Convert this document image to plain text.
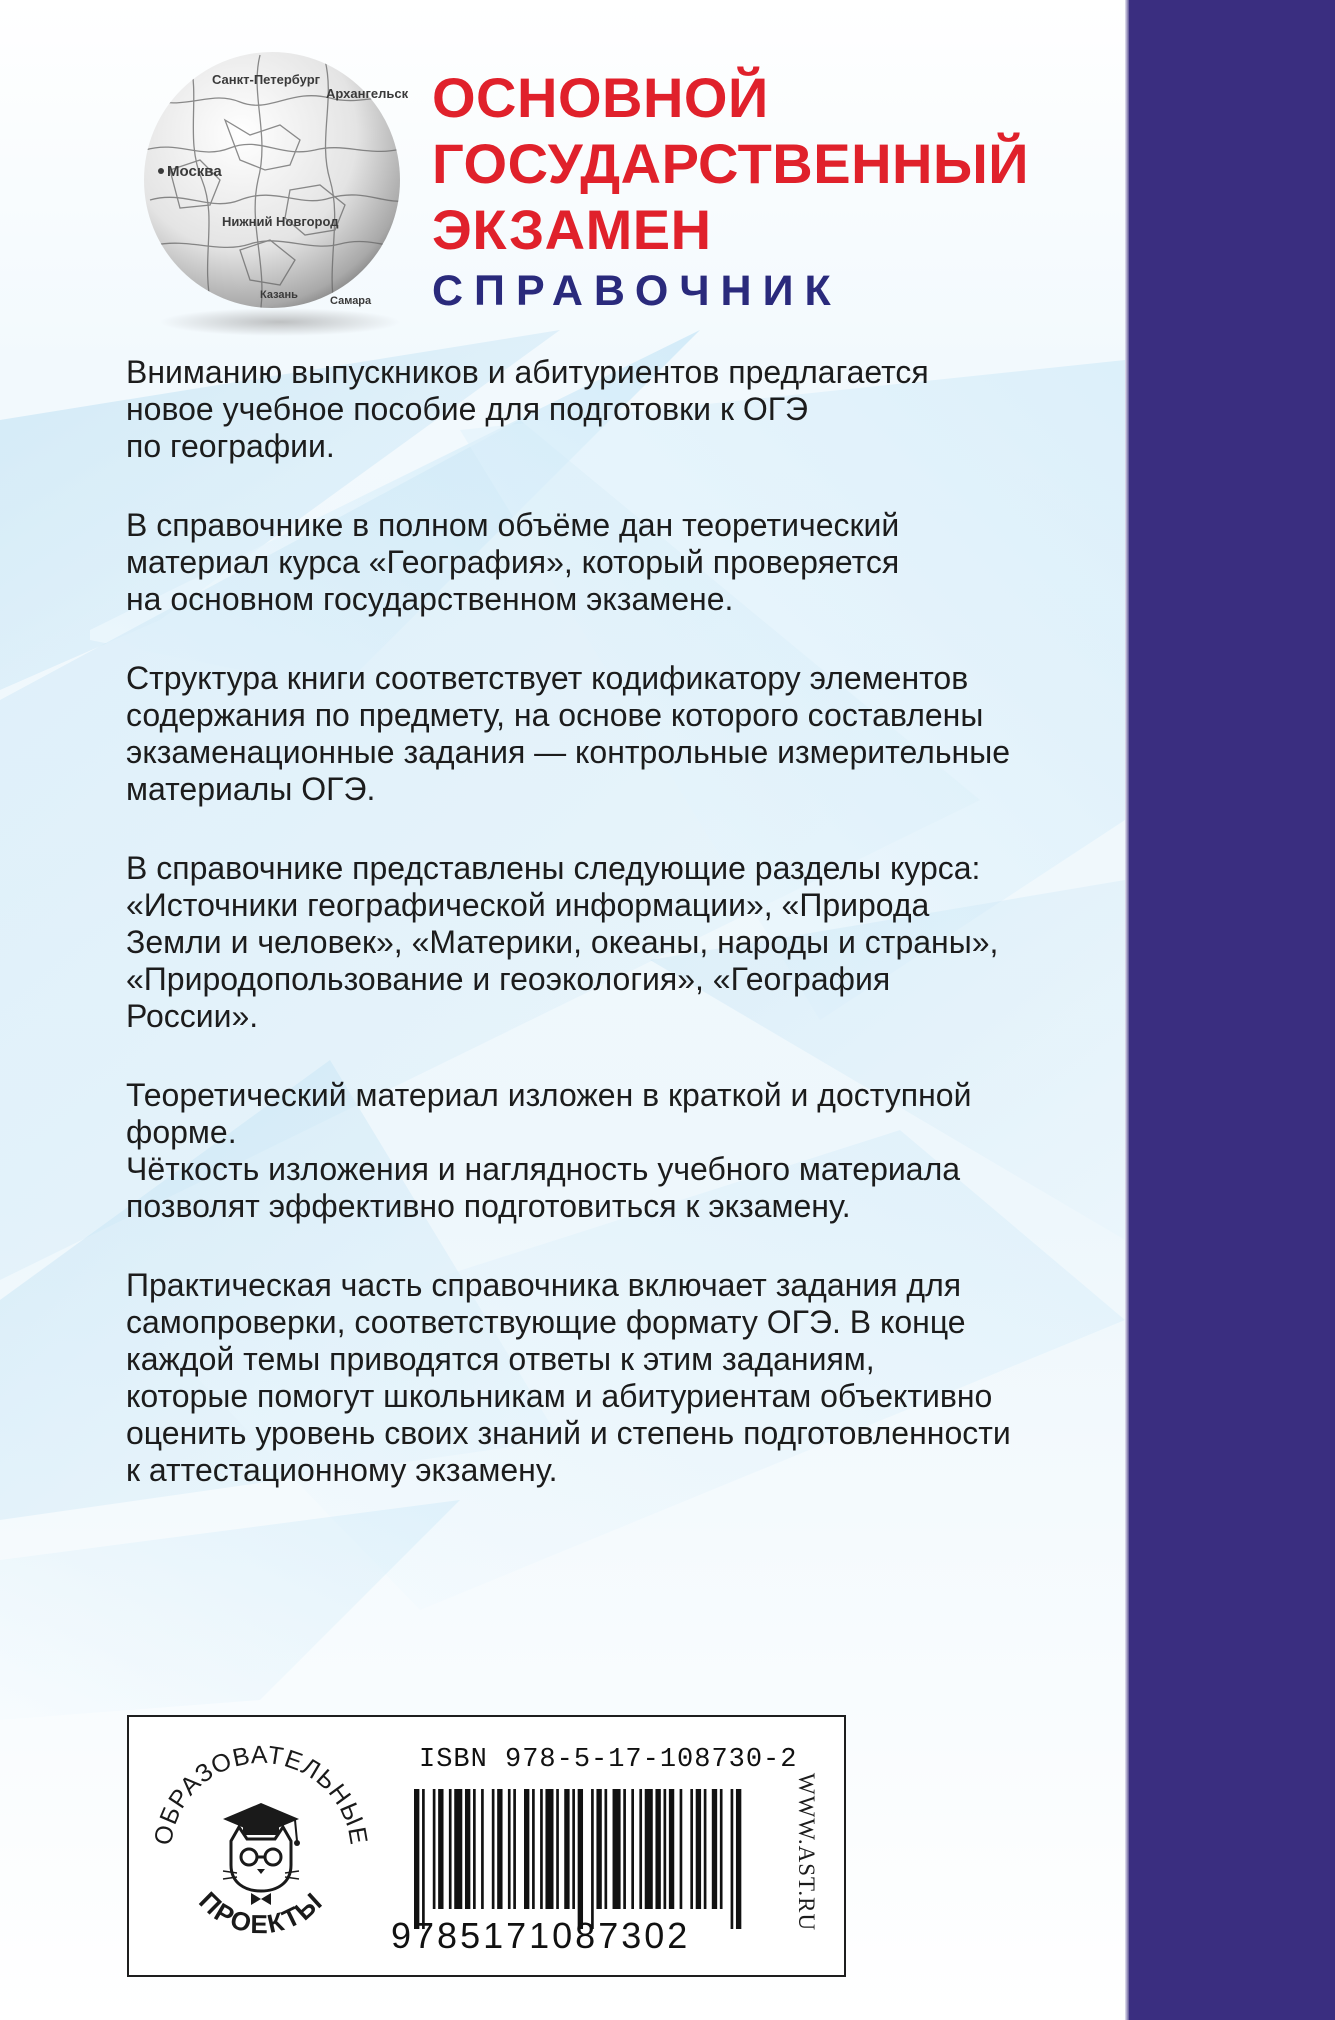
Санкт-Петербург
Архангельск
Москва
Нижний Новгород
Казань	Самара
ОСНОВНОЙ
ГОСУДАРСТВЕННЫЙ
ЭКЗАМЕН
СПРАВОЧНИК

Вниманию выпускников и абитуриентов предлагается
новое учебное пособие для подготовки к ОГЭ
по географии.

В справочнике в полном объёме дан теоретический
материал курса «География», который проверяется
на основном государственном экзамене.

Структура книги соответствует кодификатору элементов
содержания по предмету, на основе которого составлены
экзаменационные задания — контрольные измерительные
материалы ОГЭ.

В справочнике представлены следующие разделы курса:
«Источники географической информации», «Природа
Земли и человек», «Материки, океаны, народы и страны»,
«Природопользование и геоэкология», «География
России».

Теоретический материал изложен в краткой и доступной
форме.
Чёткость изложения и наглядность учебного материала
позволят эффективно подготовиться к экзамену.

Практическая часть справочника включает задания для
самопроверки, соответствующие формату ОГЭ. В конце
каждой темы приводятся ответы к этим заданиям,
которые помогут школьникам и абитуриентам объективно
оценить уровень своих знаний и степень подготовленности
к аттестационному экзамену.

ОБРАЗОВАТЕЛЬНЫЕ
ПРОЕКТЫ
ISBN 978-5-17-108730-2
9785171087302
WWW.AST.RU
